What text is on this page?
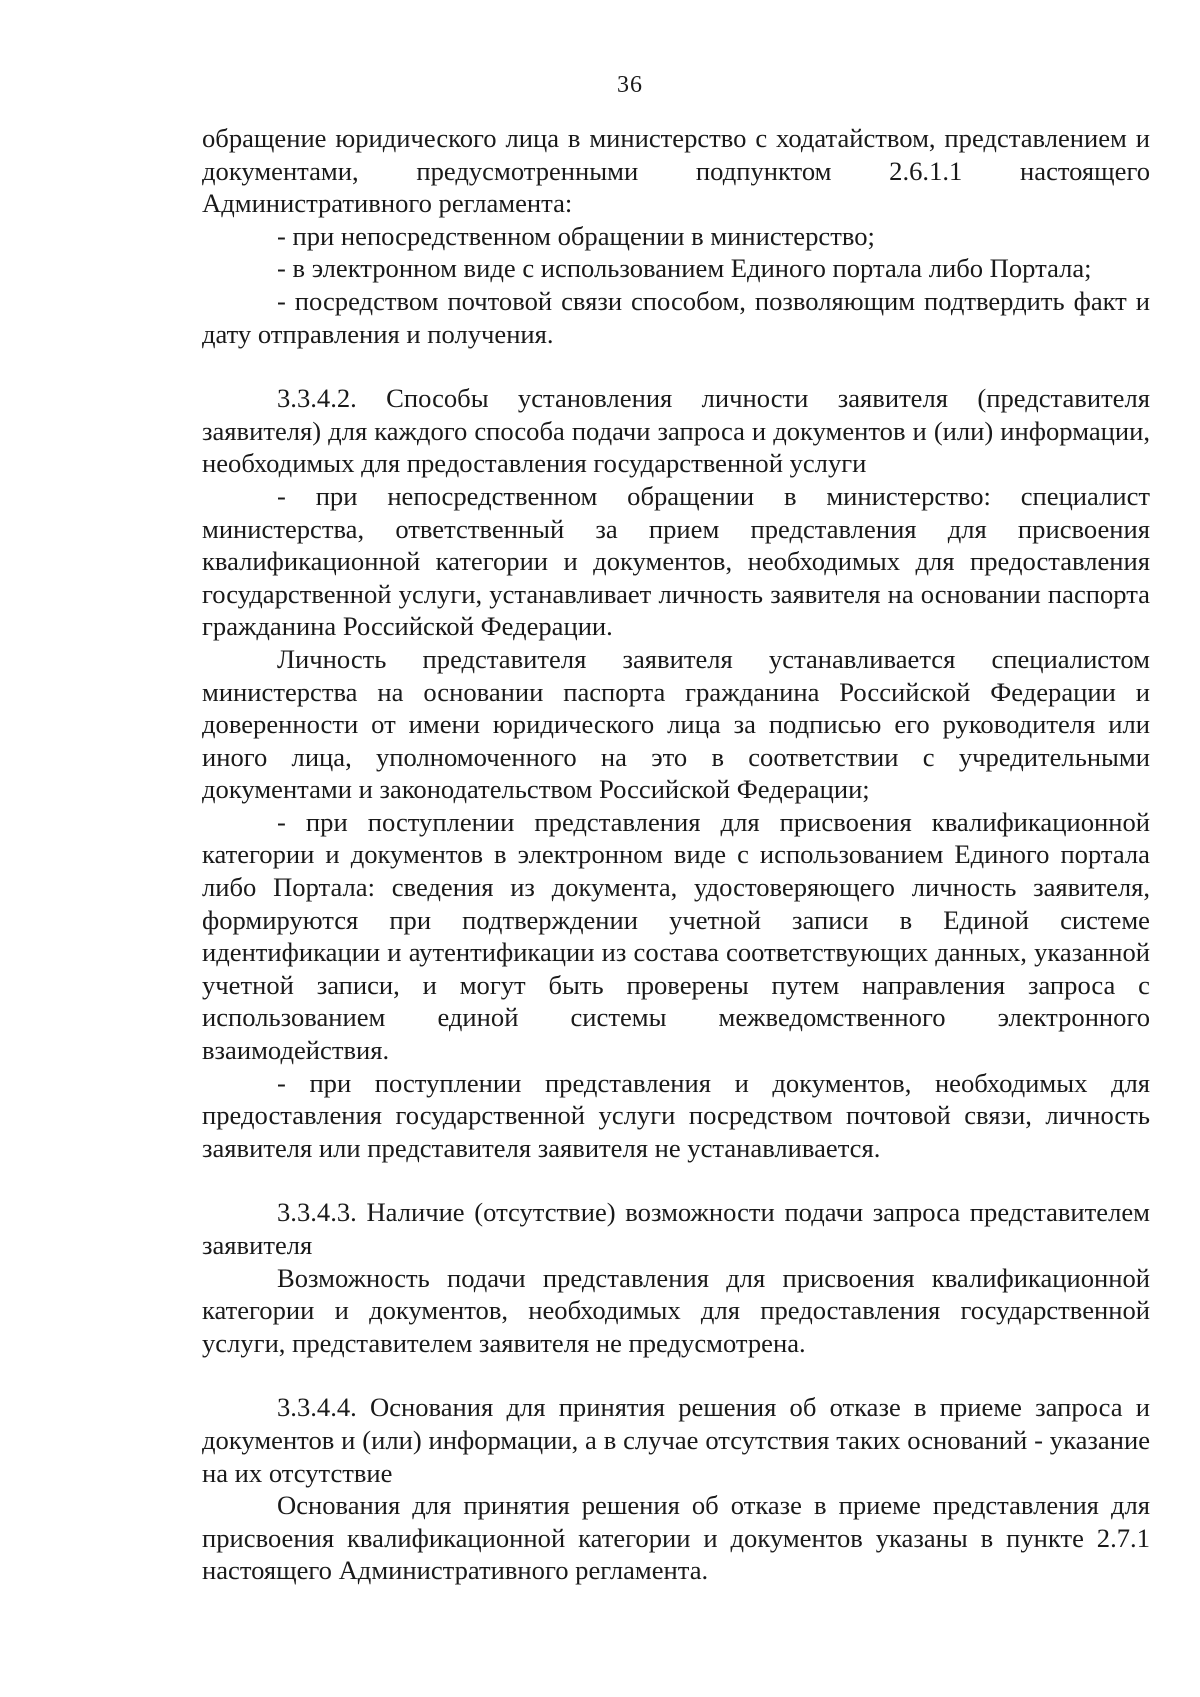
36

обращение юридического лица в министерство с ходатайством, представлением и документами, предусмотренными подпунктом 2.6.1.1 настоящего Административного регламента:

- при непосредственном обращении в министерство;

- в электронном виде с использованием Единого портала либо Портала;

- посредством почтовой связи способом, позволяющим подтвердить факт и дату отправления и получения.

3.3.4.2. Способы установления личности заявителя (представителя заявителя) для каждого способа подачи запроса и документов и (или) информации, необходимых для предоставления государственной услуги

- при непосредственном обращении в министерство: специалист министерства, ответственный за прием представления для присвоения квалификационной категории и документов, необходимых для предоставления государственной услуги, устанавливает личность заявителя на основании паспорта гражданина Российской Федерации.

Личность представителя заявителя устанавливается специалистом министерства на основании паспорта гражданина Российской Федерации и доверенности от имени юридического лица за подписью его руководителя или иного лица, уполномоченного на это в соответствии с учредительными документами и законодательством Российской Федерации;

- при поступлении представления для присвоения квалификационной категории и документов в электронном виде с использованием Единого портала либо Портала: сведения из документа, удостоверяющего личность заявителя, формируются при подтверждении учетной записи в Единой системе идентификации и аутентификации из состава соответствующих данных, указанной учетной записи, и могут быть проверены путем направления запроса с использованием единой системы межведомственного электронного взаимодействия.

- при поступлении представления и документов, необходимых для предоставления государственной услуги посредством почтовой связи, личность заявителя или представителя заявителя не устанавливается.

3.3.4.3. Наличие (отсутствие) возможности подачи запроса представителем заявителя

Возможность подачи представления для присвоения квалификационной категории и документов, необходимых для предоставления государственной услуги, представителем заявителя не предусмотрена.

3.3.4.4. Основания для принятия решения об отказе в приеме запроса и документов и (или) информации, а в случае отсутствия таких оснований - указание на их отсутствие

Основания для принятия решения об отказе в приеме представления для присвоения квалификационной категории и документов указаны в пункте 2.7.1 настоящего Административного регламента.
